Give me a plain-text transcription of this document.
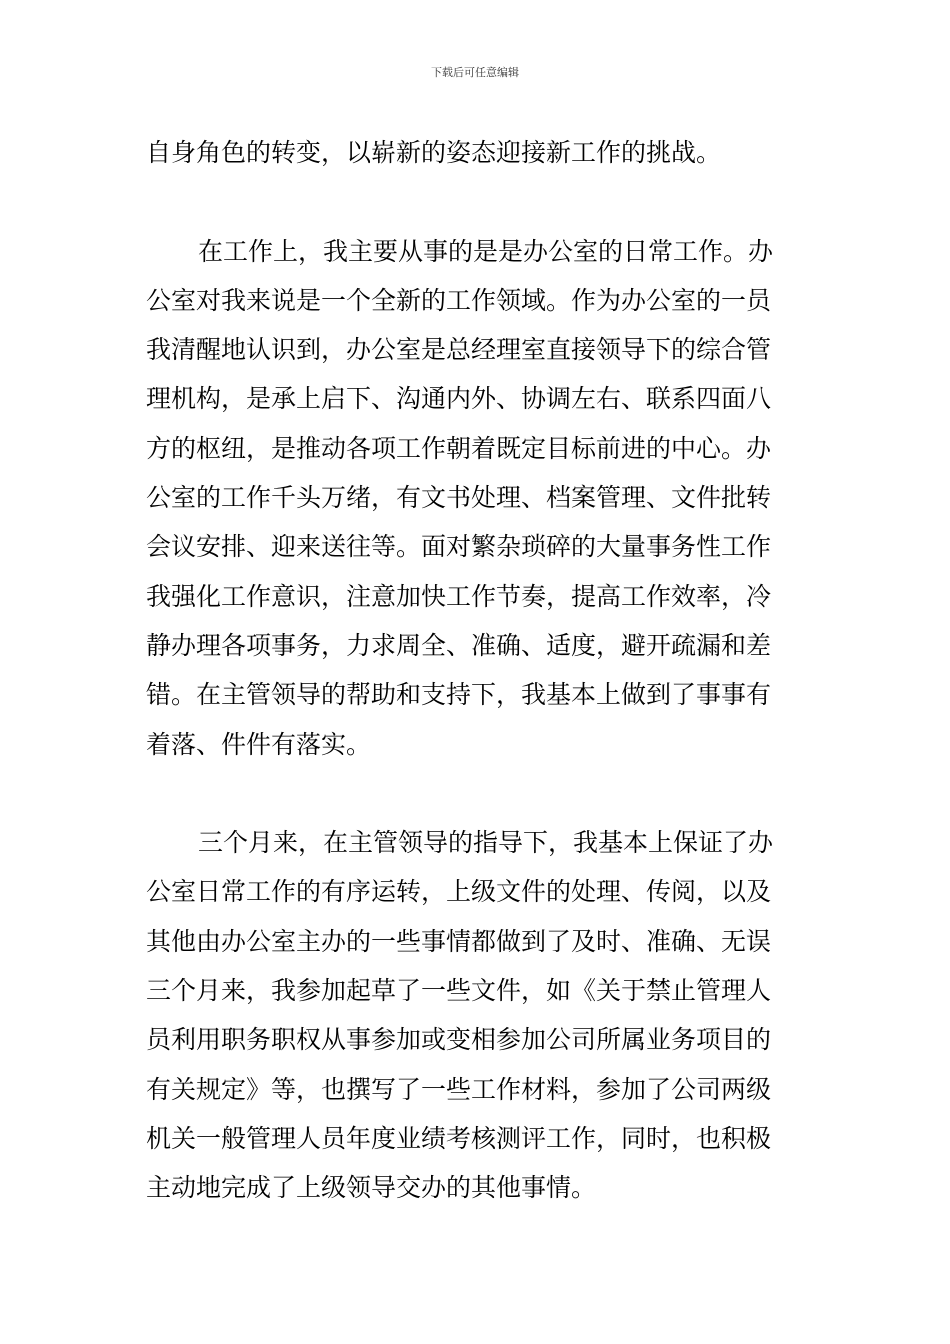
下载后可任意编辑
自身角色的转变，以崭新的姿态迎接新工作的挑战。
在工作上，我主要从事的是是办公室的日常工作。办
公室对我来说是一个全新的工作领域。作为办公室的一员
我清醒地认识到，办公室是总经理室直接领导下的综合管
理机构，是承上启下、沟通内外、协调左右、联系四面八
方的枢纽，是推动各项工作朝着既定目标前进的中心。办
公室的工作千头万绪，有文书处理、档案管理、文件批转
会议安排、迎来送往等。面对繁杂琐碎的大量事务性工作
我强化工作意识，注意加快工作节奏，提高工作效率，冷
静办理各项事务，力求周全、准确、适度，避开疏漏和差
错。在主管领导的帮助和支持下，我基本上做到了事事有
着落、件件有落实。
三个月来，在主管领导的指导下，我基本上保证了办
公室日常工作的有序运转，上级文件的处理、传阅，以及
其他由办公室主办的一些事情都做到了及时、准确、无误
三个月来，我参加起草了一些文件，如《关于禁止管理人
员利用职务职权从事参加或变相参加公司所属业务项目的
有关规定》等，也撰写了一些工作材料，参加了公司两级
机关一般管理人员年度业绩考核测评工作，同时，也积极
主动地完成了上级领导交办的其他事情。
